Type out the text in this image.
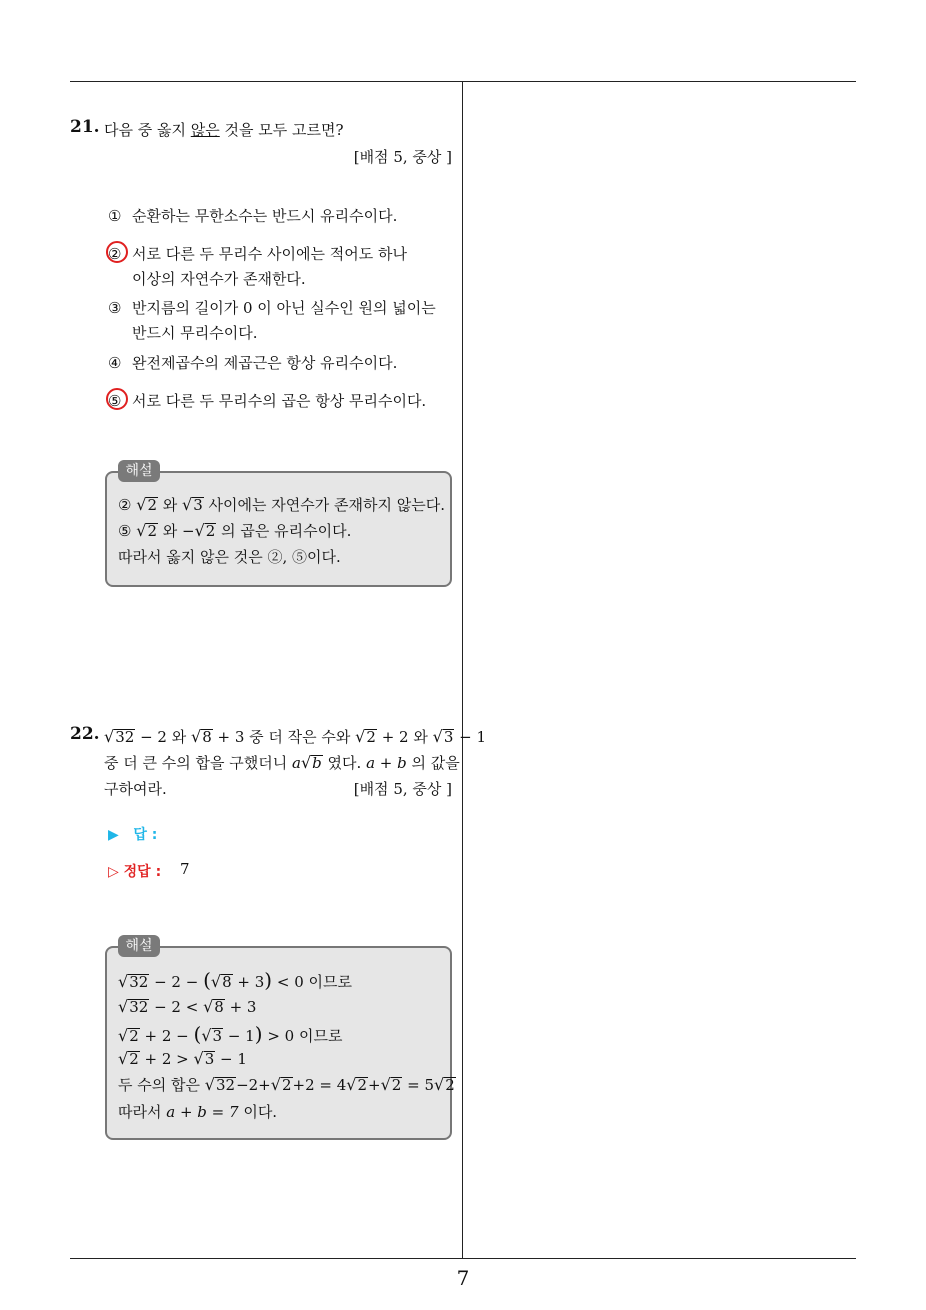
21. 다음 중 옳지 않은 것을 모두 고르면?
[배점 5, 중상 ]
① 순환하는 무한소수는 반드시 유리수이다.
② 서로 다른 두 무리수 사이에는 적어도 하나
이상의 자연수가 존재한다.
③ 반지름의 길이가 0 이 아닌 실수인 원의 넓이는
반드시 무리수이다.
④ 완전제곱수의 제곱근은 항상 유리수이다.
⑤ 서로 다른 두 무리수의 곱은 항상 무리수이다.
해설
② √2 와 √3 사이에는 자연수가 존재하지 않는다.
⑤ √2 와 −√2 의 곱은 유리수이다.
따라서 옳지 않은 것은 ②, ⑤이다.
22. √32 − 2 와 √8 + 3 중 더 작은 수와 √2 + 2 와 √3 − 1
중 더 큰 수의 합을 구했더니 a√b 였다. a + b 의 값을
구하여라.	[배점 5, 중상 ]
▶ 답 :
▷ 정답 : 7
해설
√32 − 2 − (√8 + 3) < 0 이므로
√32 − 2 < √8 + 3
√2 + 2 − (√3 − 1) > 0 이므로
√2 + 2 > √3 − 1
두 수의 합은 √32−2+√2+2 = 4√2+√2 = 5√2
따라서 a + b = 7 이다.
7
